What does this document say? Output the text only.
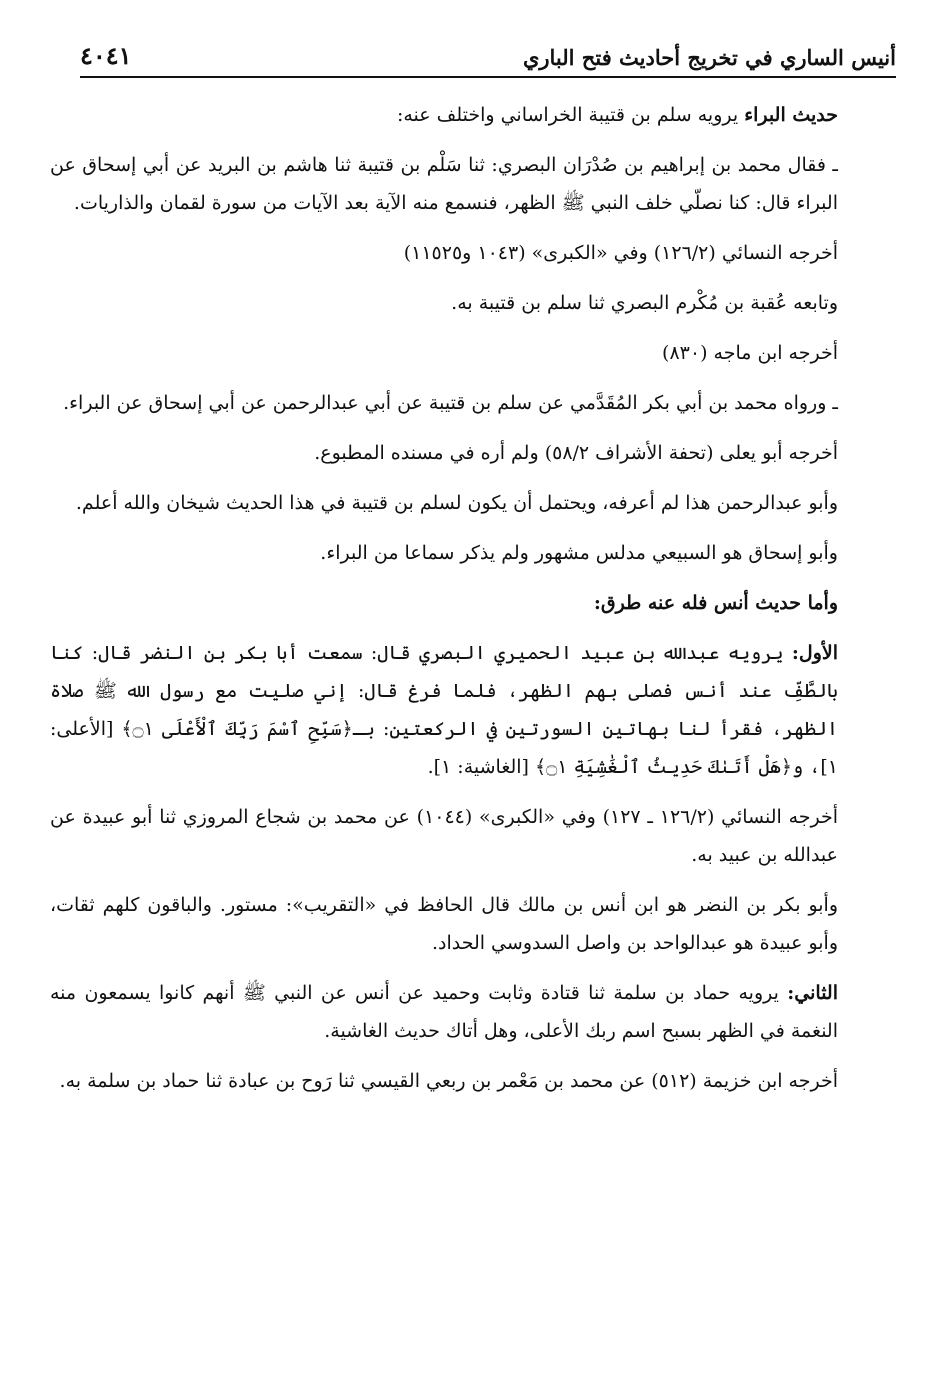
٤٠٤١	أنيس الساري في تخريج أحاديث فتح الباري

حديث البراء يرويه سلم بن قتيبة الخراساني واختلف عنه:

ـ فقال محمد بن إبراهيم بن صُدْرَان البصري: ثنا سَلْم بن قتيبة ثنا هاشم بن البريد عن أبي إسحاق عن البراء قال: كنا نصلّي خلف النبي ﷺ الظهر، فنسمع منه الآية بعد الآيات من سورة لقمان والذاريات.

أخرجه النسائي (١٢٦/٢) وفي «الكبرى» (١٠٤٣ و١١٥٢٥)

وتابعه عُقبة بن مُكْرم البصري ثنا سلم بن قتيبة به.

أخرجه ابن ماجه (٨٣٠)

ـ ورواه محمد بن أبي بكر المُقَدَّمي عن سلم بن قتيبة عن أبي عبدالرحمن عن أبي إسحاق عن البراء.

أخرجه أبو يعلى (تحفة الأشراف ٥٨/٢) ولم أره في مسنده المطبوع.

وأبو عبدالرحمن هذا لم أعرفه، ويحتمل أن يكون لسلم بن قتيبة في هذا الحديث شيخان والله أعلم.

وأبو إسحاق هو السبيعي مدلس مشهور ولم يذكر سماعا من البراء.

وأما حديث أنس فله عنه طرق:

الأول: يرويه عبدالله بن عبيد الحميري البصري قال: سمعت أبا بكر بن النضر قال: كنا بالطَّفِّ عند أنس فصلى بهم الظهر، فلما فرغ قال: إني صليت مع رسول الله ﷺ صلاة الظهر، فقرأ لنا بهاتين السورتين في الركعتين: بـ﴿سَبِّحِ ٱسْمَ رَبِّكَ ٱلْأَعْلَى ۝١﴾ [الأعلى: ١]، و﴿هَلْ أَتَىٰكَ حَدِيثُ ٱلْغَٰشِيَةِ ۝١﴾ [الغاشية: ١].

أخرجه النسائي (١٢٦/٢ ـ ١٢٧) وفي «الكبرى» (١٠٤٤) عن محمد بن شجاع المروزي ثنا أبو عبيدة عن عبدالله بن عبيد به.

وأبو بكر بن النضر هو ابن أنس بن مالك قال الحافظ في «التقريب»: مستور. والباقون كلهم ثقات، وأبو عبيدة هو عبدالواحد بن واصل السدوسي الحداد.

الثاني: يرويه حماد بن سلمة ثنا قتادة وثابت وحميد عن أنس عن النبي ﷺ أنهم كانوا يسمعون منه النغمة في الظهر بسبح اسم ربك الأعلى، وهل أتاك حديث الغاشية.

أخرجه ابن خزيمة (٥١٢) عن محمد بن مَعْمر بن ربعي القيسي ثنا رَوح بن عبادة ثنا حماد بن سلمة به.
